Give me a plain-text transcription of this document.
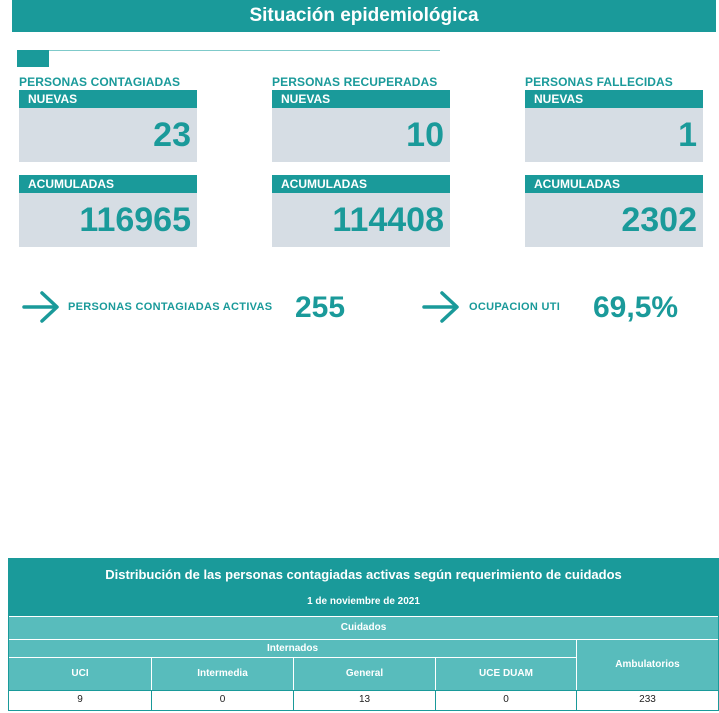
Situación epidemiológica
PERSONAS CONTAGIADAS
NUEVAS
23
ACUMULADAS
116965
PERSONAS RECUPERADAS
NUEVAS
10
ACUMULADAS
114408
PERSONAS FALLECIDAS
NUEVAS
1
ACUMULADAS
2302
PERSONAS CONTAGIADAS ACTIVAS 255	OCUPACION UTI 69,5%
Distribución de las personas contagiadas activas según requerimiento de cuidados
1 de noviembre de 2021
Cuidados
Internados
Ambulatorios
UCI	Intermedia	General	UCE DUAM
9	0	13	0	233
